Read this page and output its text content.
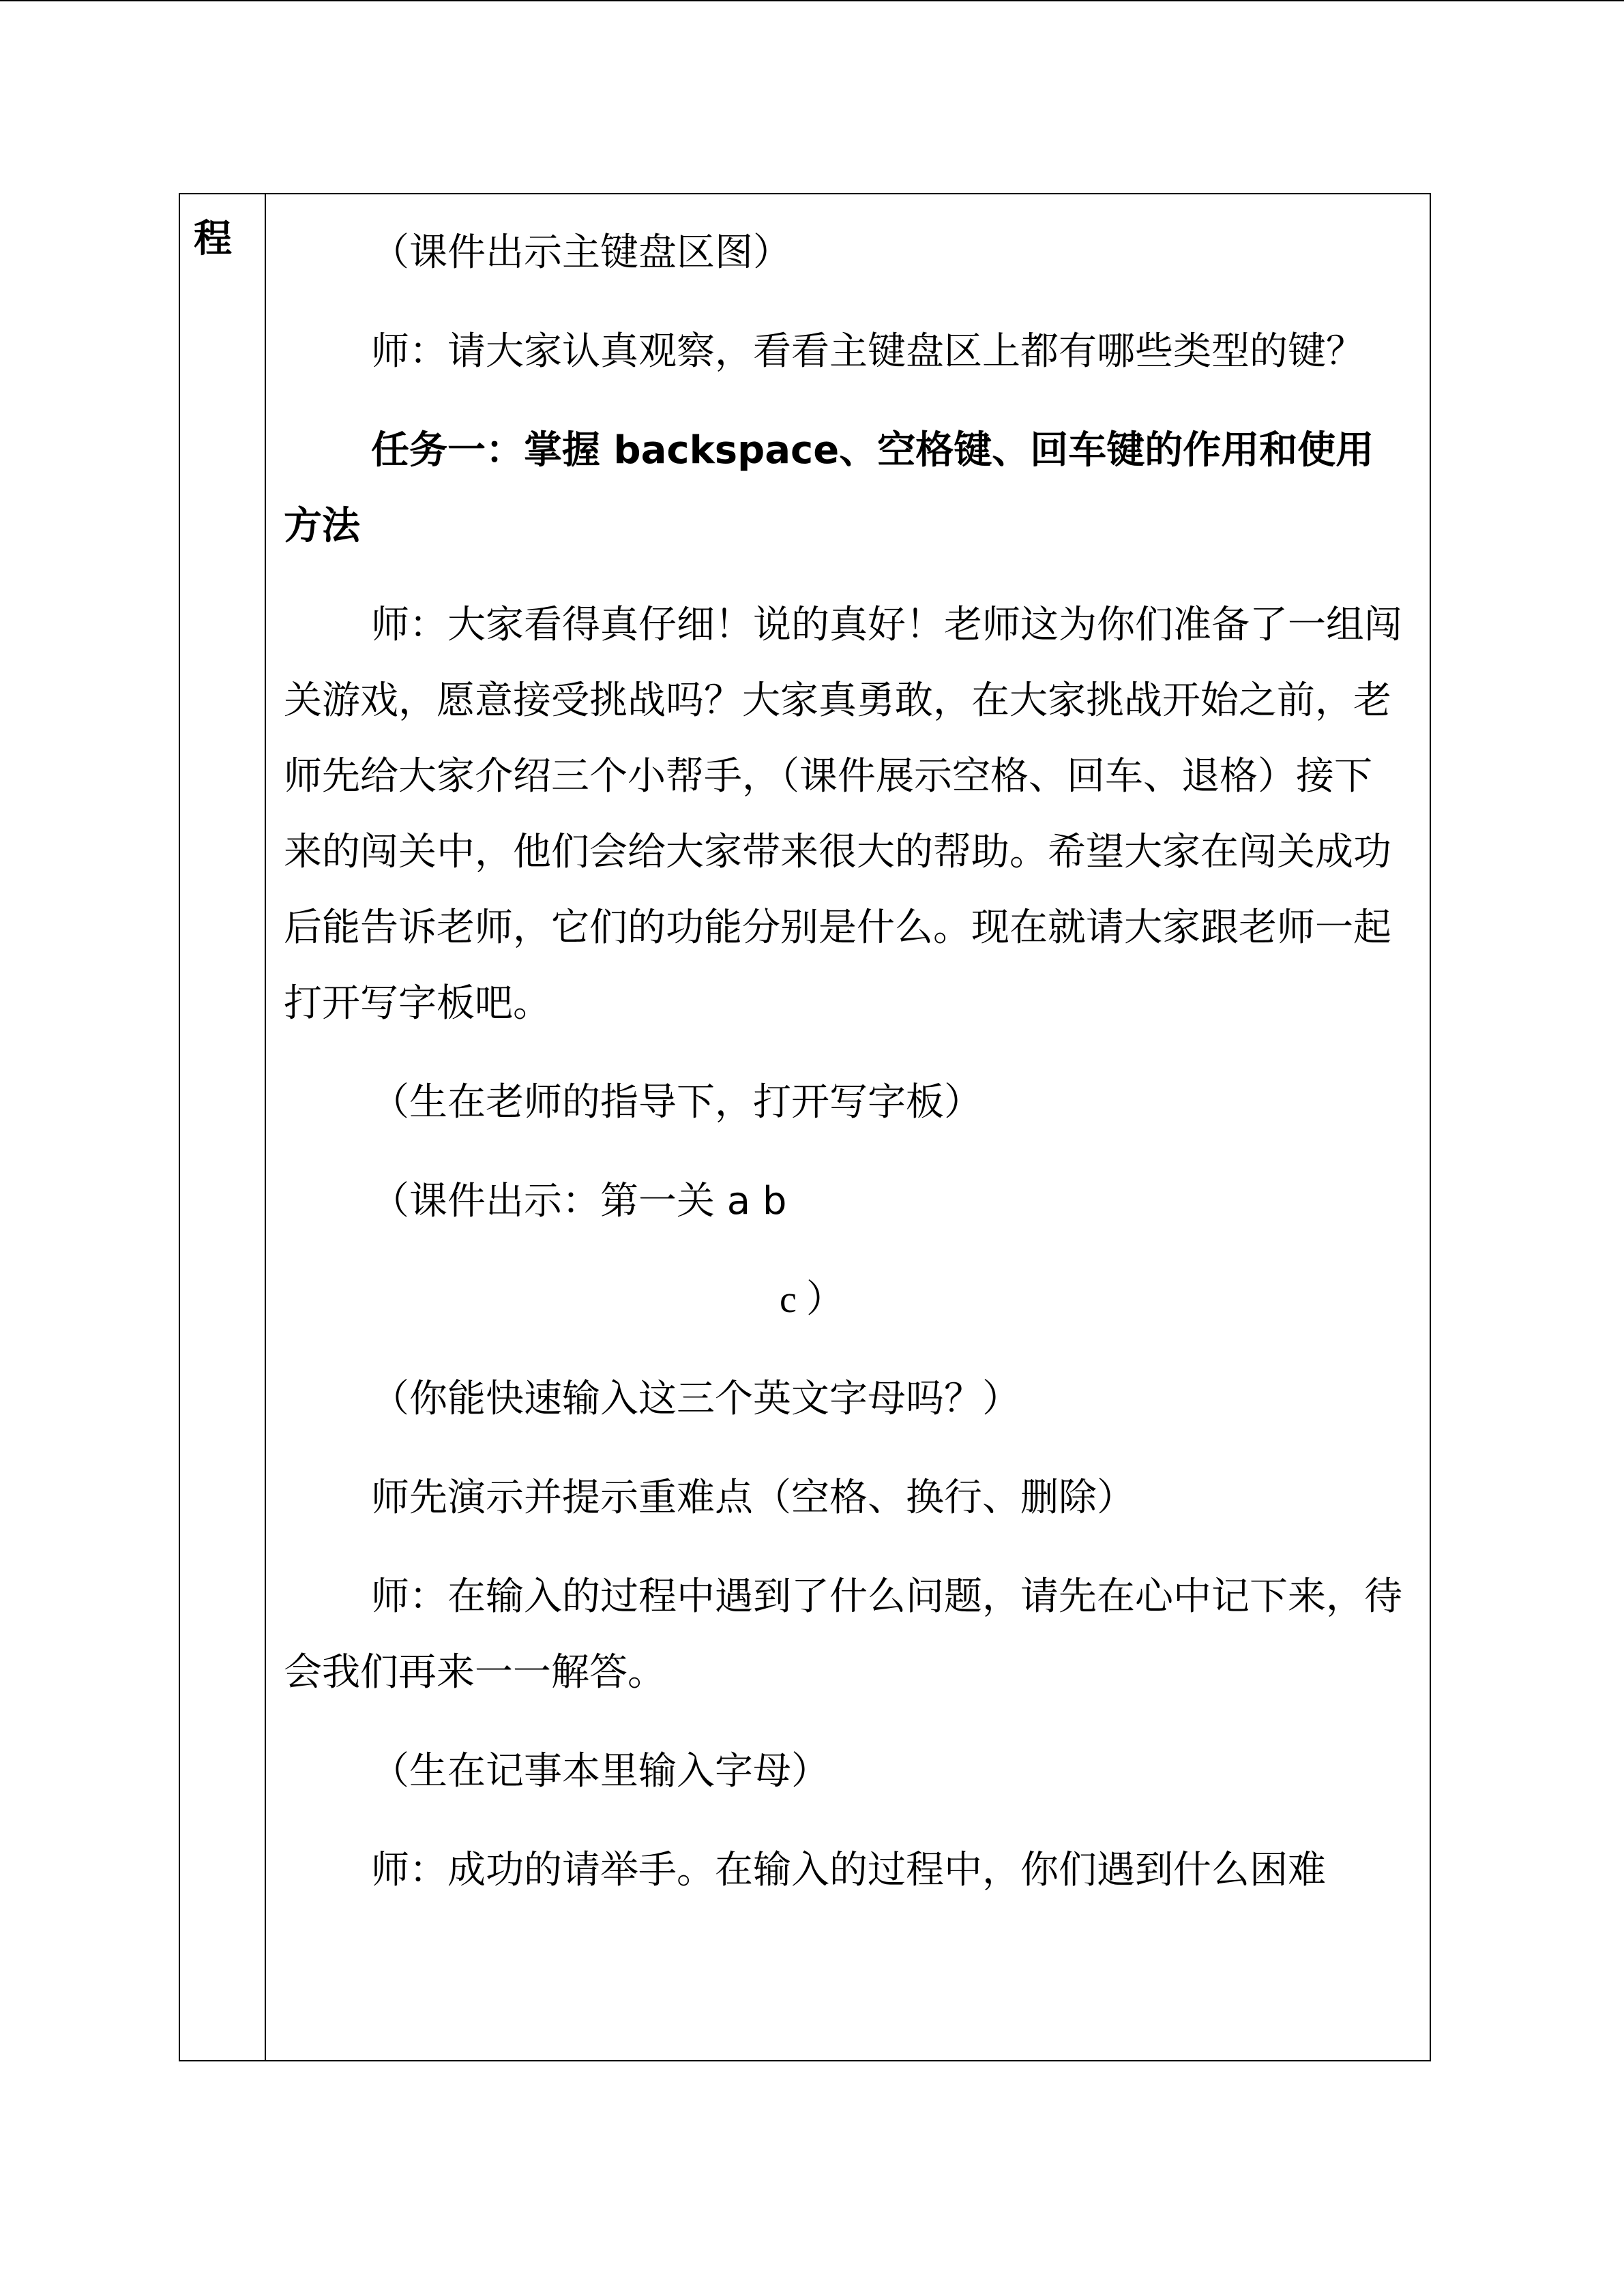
程	（课件出示主键盘区图）

师：请大家认真观察，看看主键盘区上都有哪些类型的键？

任务一：掌握 backspace、空格键、回车键的作用和使用方法

师：大家看得真仔细！说的真好！老师这为你们准备了一组闯关游戏，愿意接受挑战吗？大家真勇敢，在大家挑战开始之前，老师先给大家介绍三个小帮手，（课件展示空格、回车、退格）接下来的闯关中，他们会给大家带来很大的帮助。希望大家在闯关成功后能告诉老师，它们的功能分别是什么。现在就请大家跟老师一起打开写字板吧。

（生在老师的指导下，打开写字板）

（课件出示：第一关 a b

c ）

（你能快速输入这三个英文字母吗？）

师先演示并提示重难点（空格、换行、删除）

师：在输入的过程中遇到了什么问题，请先在心中记下来，待会我们再来一一解答。

（生在记事本里输入字母）

师：成功的请举手。在输入的过程中，你们遇到什么困难
